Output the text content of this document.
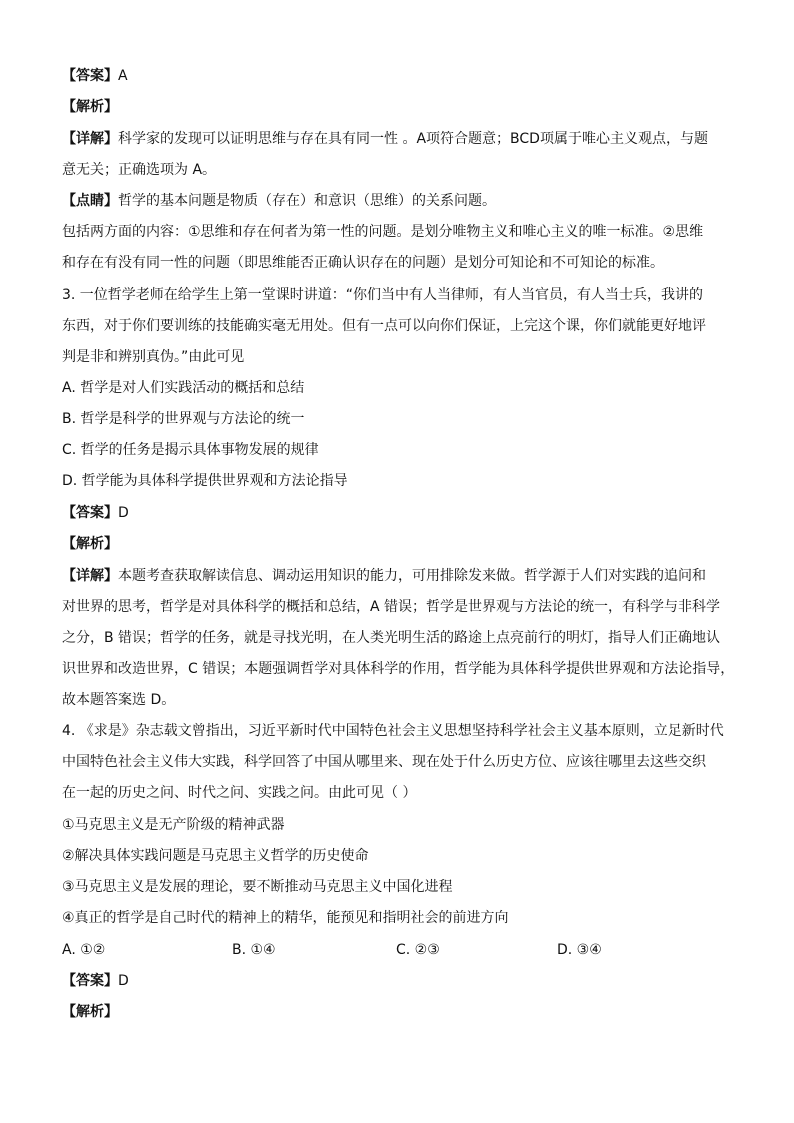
【答案】A
【解析】
【详解】科学家的发现可以证明思维与存在具有同一性 。A项符合题意；BCD项属于唯心主义观点，与题
意无关；正确选项为 A。
【点睛】哲学的基本问题是物质（存在）和意识（思维）的关系问题。
包括两方面的内容：①思维和存在何者为第一性的问题。是划分唯物主义和唯心主义的唯一标准。②思维
和存在有没有同一性的问题（即思维能否正确认识存在的问题）是划分可知论和不可知论的标准。
3. 一位哲学老师在给学生上第一堂课时讲道：“你们当中有人当律师，有人当官员，有人当士兵，我讲的
东西，对于你们要训练的技能确实毫无用处。但有一点可以向你们保证，上完这个课，你们就能更好地评
判是非和辨别真伪。”由此可见
A. 哲学是对人们实践活动的概括和总结
B. 哲学是科学的世界观与方法论的统一
C. 哲学的任务是揭示具体事物发展的规律
D. 哲学能为具体科学提供世界观和方法论指导
【答案】D
【解析】
【详解】本题考查获取解读信息、调动运用知识的能力，可用排除发来做。哲学源于人们对实践的追问和
对世界的思考，哲学是对具体科学的概括和总结，A 错误；哲学是世界观与方法论的统一，有科学与非科学
之分，B 错误；哲学的任务，就是寻找光明，在人类光明生活的路途上点亮前行的明灯，指导人们正确地认
识世界和改造世界，C 错误；本题强调哲学对具体科学的作用，哲学能为具体科学提供世界观和方法论指导，
故本题答案选 D。
4. 《求是》杂志载文曾指出，习近平新时代中国特色社会主义思想坚持科学社会主义基本原则，立足新时代
中国特色社会主义伟大实践，科学回答了中国从哪里来、现在处于什么历史方位、应该往哪里去这些交织
在一起的历史之问、时代之问、实践之问。由此可见（ ）
①马克思主义是无产阶级的精神武器
②解决具体实践问题是马克思主义哲学的历史使命
③马克思主义是发展的理论，要不断推动马克思主义中国化进程
④真正的哲学是自己时代的精神上的精华，能预见和指明社会的前进方向
A. ①②	B. ①④	C. ②③	D. ③④
【答案】D
【解析】
